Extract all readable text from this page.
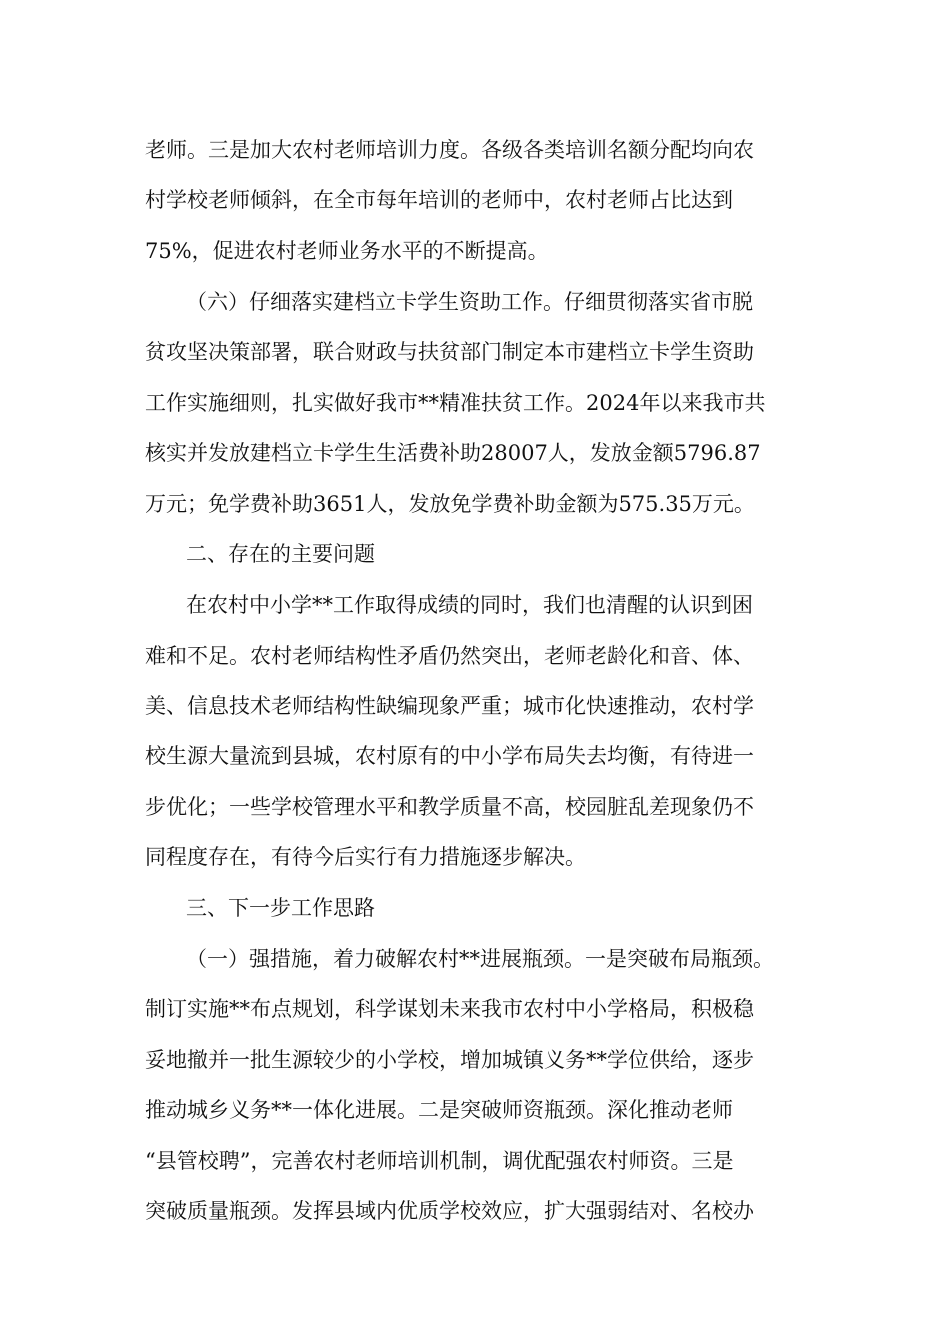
老师。三是加大农村老师培训力度。各级各类培训名额分配均向农
村学校老师倾斜，在全市每年培训的老师中，农村老师占比达到
75%，促进农村老师业务水平的不断提高。
（六）仔细落实建档立卡学生资助工作。仔细贯彻落实省市脱
贫攻坚决策部署，联合财政与扶贫部门制定本市建档立卡学生资助
工作实施细则，扎实做好我市**精准扶贫工作。2024年以来我市共
核实并发放建档立卡学生生活费补助28007人，发放金额5796.87
万元；免学费补助3651人，发放免学费补助金额为575.35万元。
二、存在的主要问题
在农村中小学**工作取得成绩的同时，我们也清醒的认识到困
难和不足。农村老师结构性矛盾仍然突出，老师老龄化和音、体、
美、信息技术老师结构性缺编现象严重；城市化快速推动，农村学
校生源大量流到县城，农村原有的中小学布局失去均衡，有待进一
步优化；一些学校管理水平和教学质量不高，校园脏乱差现象仍不
同程度存在，有待今后实行有力措施逐步解决。
三、下一步工作思路
（一）强措施，着力破解农村**进展瓶颈。一是突破布局瓶颈。
制订实施**布点规划，科学谋划未来我市农村中小学格局，积极稳
妥地撤并一批生源较少的小学校，增加城镇义务**学位供给，逐步
推动城乡义务**一体化进展。二是突破师资瓶颈。深化推动老师
“县管校聘”，完善农村老师培训机制，调优配强农村师资。三是
突破质量瓶颈。发挥县域内优质学校效应，扩大强弱结对、名校办
